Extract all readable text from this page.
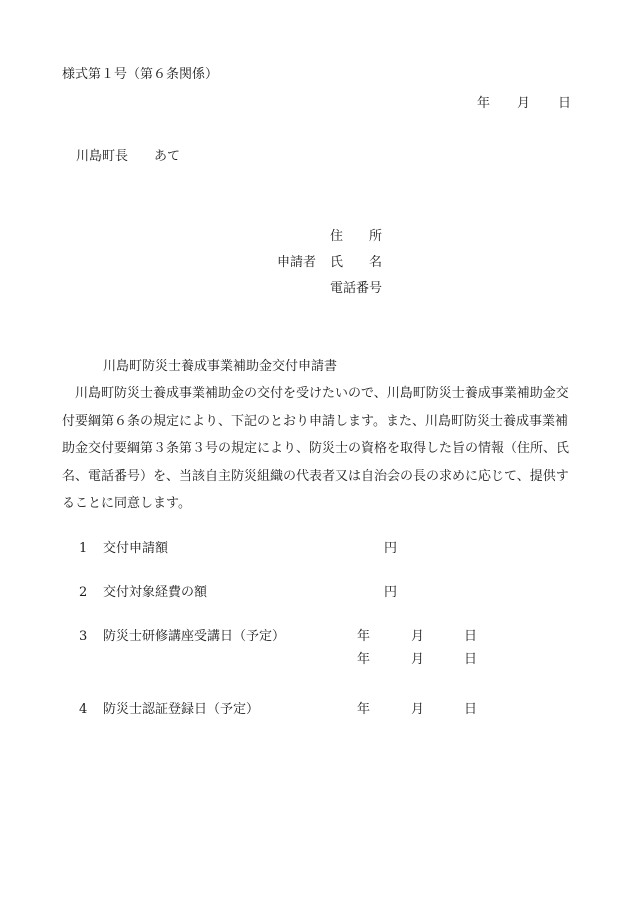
様式第１号（第６条関係）
年 月 日
川島町長　　あて
住　　所
申請者 氏　　名
電話番号
川島町防災士養成事業補助金交付申請書
川島町防災士養成事業補助金の交付を受けたいので、川島町防災士養成事業補助金交
付要綱第６条の規定により、下記のとおり申請します。また、川島町防災士養成事業補
助金交付要綱第３条第３号の規定により、防災士の資格を取得した旨の情報（住所、氏
名、電話番号）を、当該自主防災組織の代表者又は自治会の長の求めに応じて、提供す
ることに同意します。
1 交付申請額	円
2 交付対象経費の額	円
3 防災士研修講座受講日（予定）	年	月	日
年	月	日
4 防災士認証登録日（予定）	年	月	日
